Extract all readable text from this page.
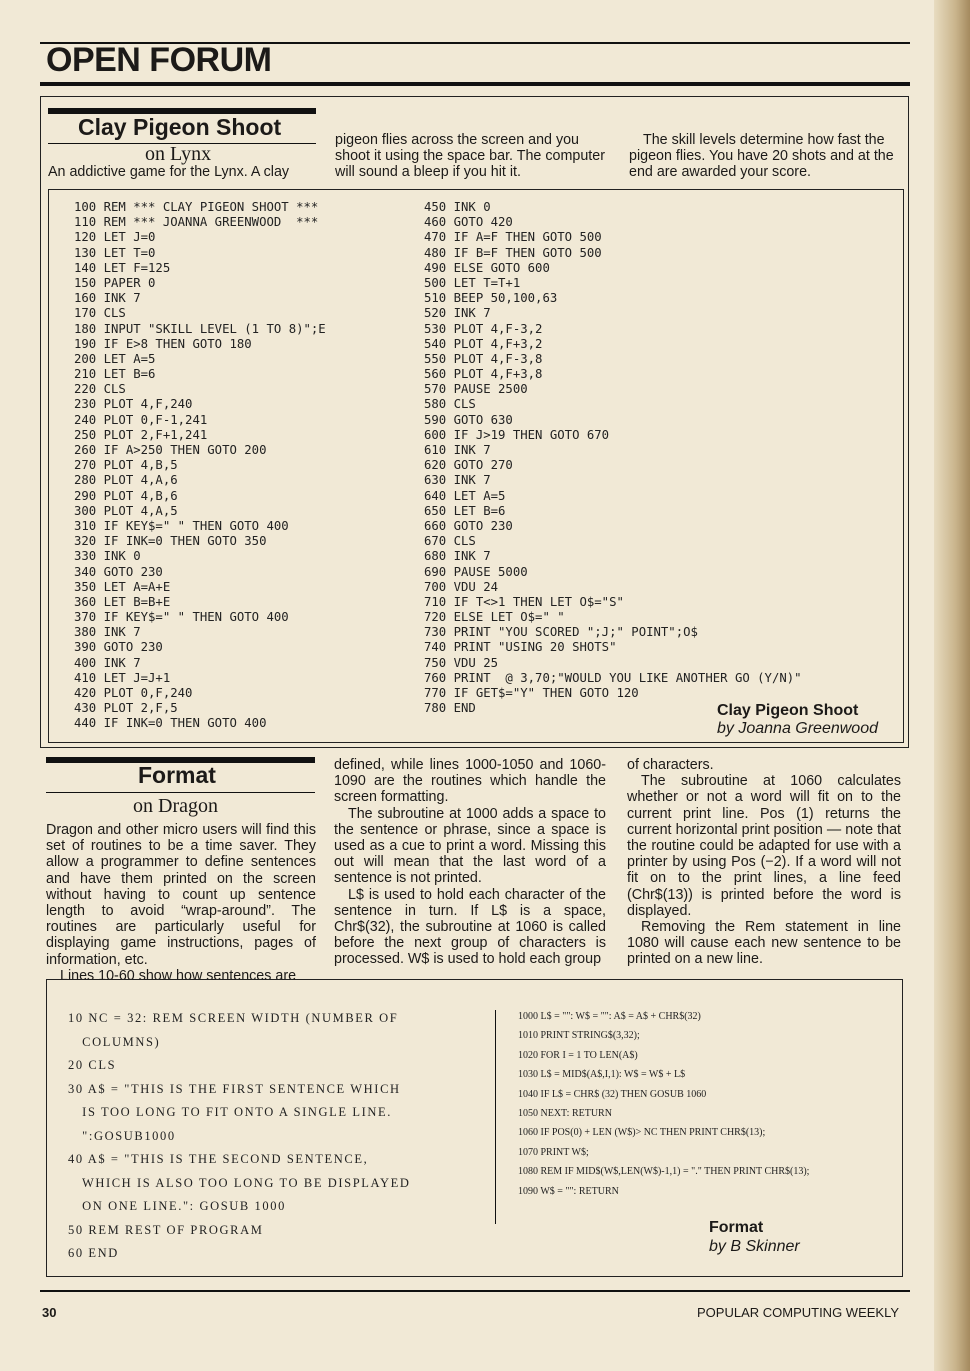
OPEN FORUM
Clay Pigeon Shoot
on Lynx

An addictive game for the Lynx. A clay

pigeon flies across the screen and you shoot it using the space bar. The computer will sound a bleep if you hit it.

The skill levels determine how fast the pigeon flies. You have 20 shots and at the end are awarded your score.

100 REM *** CLAY PIGEON SHOOT ***
110 REM *** JOANNA GREENWOOD  ***
120 LET J=0
130 LET T=0
140 LET F=125
150 PAPER 0
160 INK 7
170 CLS
180 INPUT "SKILL LEVEL (1 TO 8)";E
190 IF E>8 THEN GOTO 180
200 LET A=5
210 LET B=6
220 CLS
230 PLOT 4,F,240
240 PLOT 0,F-1,241
250 PLOT 2,F+1,241
260 IF A>250 THEN GOTO 200
270 PLOT 4,B,5
280 PLOT 4,A,6
290 PLOT 4,B,6
300 PLOT 4,A,5
310 IF KEY$=" " THEN GOTO 400
320 IF INK=0 THEN GOTO 350
330 INK 0
340 GOTO 230
350 LET A=A+E
360 LET B=B+E
370 IF KEY$=" " THEN GOTO 400
380 INK 7
390 GOTO 230
400 INK 7
410 LET J=J+1
420 PLOT 0,F,240
430 PLOT 2,F,5
440 IF INK=0 THEN GOTO 400
450 INK 0
460 GOTO 420
470 IF A=F THEN GOTO 500
480 IF B=F THEN GOTO 500
490 ELSE GOTO 600
500 LET T=T+1
510 BEEP 50,100,63
520 INK 7
530 PLOT 4,F-3,2
540 PLOT 4,F+3,2
550 PLOT 4,F-3,8
560 PLOT 4,F+3,8
570 PAUSE 2500
580 CLS
590 GOTO 630
600 IF J>19 THEN GOTO 670
610 INK 7
620 GOTO 270
630 INK 7
640 LET A=5
650 LET B=6
660 GOTO 230
670 CLS
680 INK 7
690 PAUSE 5000
700 VDU 24
710 IF T<>1 THEN LET O$="S"
720 ELSE LET O$=" "
730 PRINT "YOU SCORED ";J;" POINT";O$
740 PRINT "USING 20 SHOTS"
750 VDU 25
760 PRINT  @ 3,70;"WOULD YOU LIKE ANOTHER GO (Y/N)"
770 IF GET$="Y" THEN GOTO 120
780 END	Clay Pigeon Shoot
by Joanna Greenwood
Format
on Dragon

Dragon and other micro users will find this set of routines to be a time saver. They allow a programmer to define sentences and have them printed on the screen without having to count up sentence length to avoid “wrap-around”. The routines are particularly useful for displaying game instructions, pages of information, etc.

Lines 10-60 show how sentences are

defined, while lines 1000-1050 and 1060-1090 are the routines which handle the screen formatting.

The subroutine at 1000 adds a space to the sentence or phrase, since a space is used as a cue to print a word. Missing this out will mean that the last word of a sentence is not printed.

L$ is used to hold each character of the sentence in turn. If L$ is a space, Chr$(32), the subroutine at 1060 is called before the next group of characters is processed. W$ is used to hold each group

of characters.

The subroutine at 1060 calculates whether or not a word will fit on to the current print line. Pos (1) returns the current horizontal print position — note that the routine could be adapted for use with a printer by using Pos (−2). If a word will not fit on to the print lines, a line feed (Chr$(13)) is printed before the word is displayed.

Removing the Rem statement in line 1080 will cause each new sentence to be printed on a new line.

10 NC = 32: REM SCREEN WIDTH (NUMBER OF
COLUMNS)
20 CLS
30 A$ = "THIS IS THE FIRST SENTENCE WHICH
IS TOO LONG TO FIT ONTO A SINGLE LINE.
":GOSUB1000
40 A$ = "THIS IS THE SECOND SENTENCE,
WHICH IS ALSO TOO LONG TO BE DISPLAYED
ON ONE LINE.": GOSUB 1000
50 REM REST OF PROGRAM
60 END
1000 L$ = "": W$ = "": A$ = A$ + CHR$(32)
1010 PRINT STRING$(3,32);
1020 FOR I = 1 TO LEN(A$)
1030 L$ = MID$(A$,I,1): W$ = W$ + L$
1040 IF L$ = CHR$ (32) THEN GOSUB 1060
1050 NEXT: RETURN
1060 IF POS(0) + LEN (W$)> NC THEN PRINT CHR$(13);
1070 PRINT W$;
1080 REM IF MID$(W$,LEN(W$)-1,1) = "." THEN PRINT CHR$(13);
1090 W$ = "": RETURN
Format
by B Skinner
30	POPULAR COMPUTING WEEKLY
